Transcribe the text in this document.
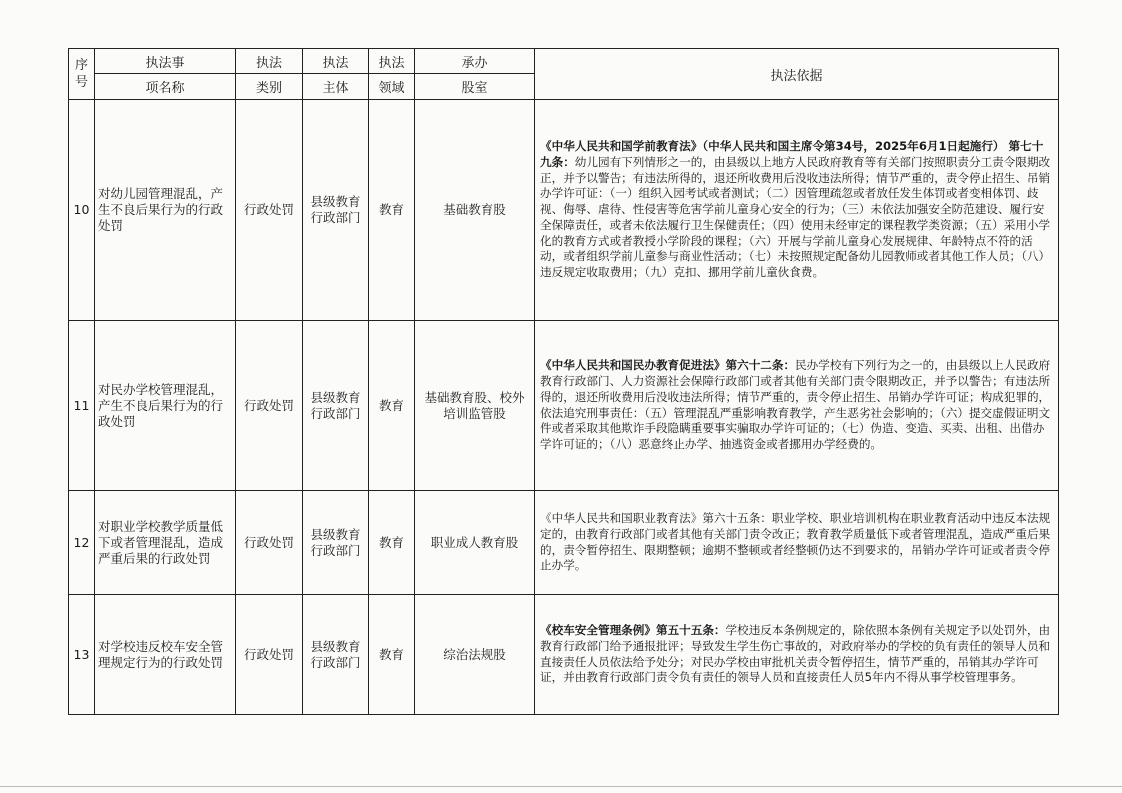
序号	执法事	执法	执法	执法	承办	执法依据
	项名称	类别	主体	领域	股室	
10	对幼儿园管理混乱，产生不良后果行为的行政处罚	行政处罚	县级教育行政部门	教育	基础教育股	《中华人民共和国学前教育法》（中华人民共和国主席令第34号，2025年6月1日起施行） 第七十九条：幼儿园有下列情形之一的，由县级以上地方人民政府教育等有关部门按照职责分工责令限期改正，并予以警告；有违法所得的，退还所收费用后没收违法所得；情节严重的，责令停止招生、吊销办学许可证：（一）组织入园考试或者测试；（二）因管理疏忽或者放任发生体罚或者变相体罚、歧视、侮辱、虐待、性侵害等危害学前儿童身心安全的行为；（三）未依法加强安全防范建设、履行安全保障责任，或者未依法履行卫生保健责任；（四）使用未经审定的课程教学类资源；（五）采用小学化的教育方式或者教授小学阶段的课程；（六）开展与学前儿童身心发展规律、年龄特点不符的活动，或者组织学前儿童参与商业性活动；（七）未按照规定配备幼儿园教师或者其他工作人员；（八）违反规定收取费用；（九）克扣、挪用学前儿童伙食费。
11	对民办学校管理混乱，产生不良后果行为的行政处罚	行政处罚	县级教育行政部门	教育	基础教育股、校外培训监管股	《中华人民共和国民办教育促进法》第六十二条：民办学校有下列行为之一的，由县级以上人民政府教育行政部门、人力资源社会保障行政部门或者其他有关部门责令限期改正，并予以警告；有违法所得的，退还所收费用后没收违法所得；情节严重的，责令停止招生、吊销办学许可证；构成犯罪的，依法追究刑事责任：（五）管理混乱严重影响教育教学，产生恶劣社会影响的；（六）提交虚假证明文件或者采取其他欺诈手段隐瞒重要事实骗取办学许可证的；（七）伪造、变造、买卖、出租、出借办学许可证的；（八）恶意终止办学、抽逃资金或者挪用办学经费的。
12	对职业学校教学质量低下或者管理混乱，造成严重后果的行政处罚	行政处罚	县级教育行政部门	教育	职业成人教育股	《中华人民共和国职业教育法》第六十五条：职业学校、职业培训机构在职业教育活动中违反本法规定的，由教育行政部门或者其他有关部门责令改正；教育教学质量低下或者管理混乱，造成严重后果的，责令暂停招生、限期整顿；逾期不整顿或者经整顿仍达不到要求的，吊销办学许可证或者责令停止办学。
13	对学校违反校车安全管理规定行为的行政处罚	行政处罚	县级教育行政部门	教育	综治法规股	《校车安全管理条例》第五十五条：学校违反本条例规定的，除依照本条例有关规定予以处罚外，由教育行政部门给予通报批评；导致发生学生伤亡事故的，对政府举办的学校的负有责任的领导人员和直接责任人员依法给予处分；对民办学校由审批机关责令暂停招生，情节严重的，吊销其办学许可证，并由教育行政部门责令负有责任的领导人员和直接责任人员5年内不得从事学校管理事务。
